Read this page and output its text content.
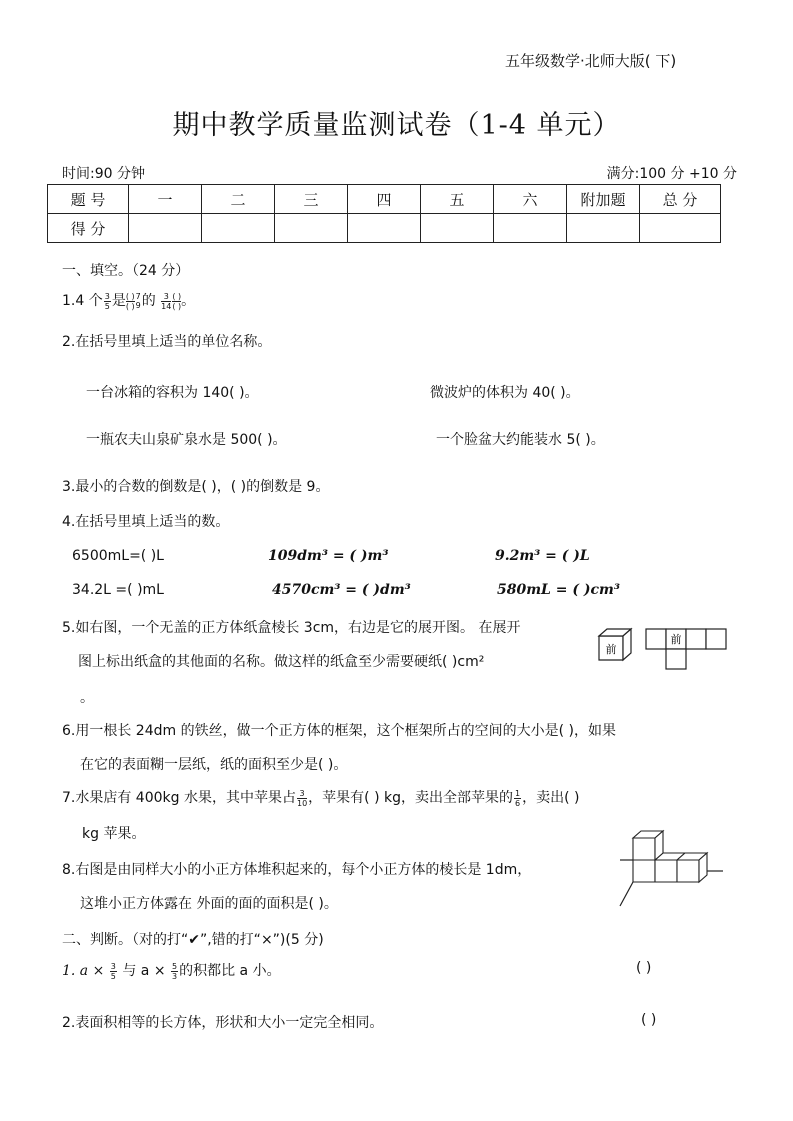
五年级数学·北师大版( 下)
期中教学质量监测试卷（1-4 单元）
时间:90 分钟	满分:100 分 +10 分
题 号	一	二	三	四	五	六	附加题	总 分
得 分								
一、填空。（24 分）
1.4 个 $\frac{3}{5}$ 是 ( )
( )
7
9 的 $\frac{3}{14}$ ( )
( ) 。
2.在括号里填上适当的单位名称。
一台冰箱的容积为 140( )。	微波炉的体积为 40( )。
一瓶农夫山泉矿泉水是 500( )。	一个脸盆大约能装水 5( )。
3.最小的合数的倒数是( )，( )的倒数是 9。
4.在括号里填上适当的数。
6500mL=( )L	109dm³ = ( )m³	9.2m³ = ( )L
34.2L =( )mL	4570cm³ = ( )dm³	580mL = ( )cm³
5.如右图，一个无盖的正方体纸盒棱长 3cm，右边是它的展开图。 在展开
图上标出纸盒的其他面的名称。做这样的纸盒至少需要硬纸( )cm²
。
前
前
6.用一根长 24dm 的铁丝，做一个正方体的框架，这个框架所占的空间的大小是( )，如果
在它的表面糊一层纸，纸的面积至少是( )。
7.水果店有 400kg 水果，其中苹果占 $\frac{3}{10}$ ，苹果有( ) kg，卖出全部苹果的 $\frac{1}{6}$ ，卖出( )
kg 苹果。
8.右图是由同样大小的小正方体堆积起来的，每个小正方体的棱长是 1dm，
这堆小正方体露在 外面的面的面积是( )。
二、判断。（对的打“✔”,错的打“×”)(5 分)
1. $a \times \frac{3}{5}$ 与 $a \times \frac{5}{3}$ 的积都比 a 小。	( )
2.表面积相等的长方体，形状和大小一定完全相同。	( )
